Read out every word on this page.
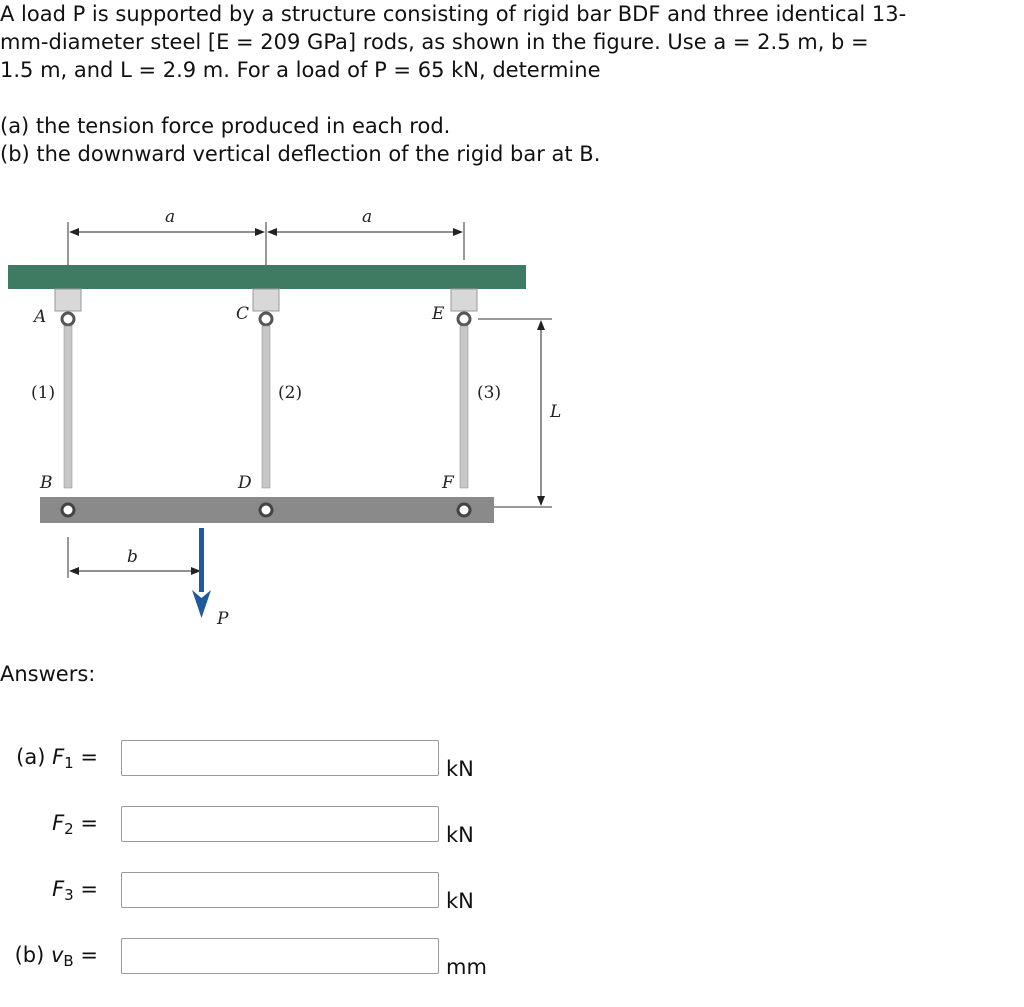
A load P is supported by a structure consisting of rigid bar BDF and three identical 13-

mm-diameter steel [E = 209 GPa] rods, as shown in the figure. Use a = 2.5 m, b =

1.5 m, and L = 2.9 m. For a load of P = 65 kN, determine

(a) the tension force produced in each rod.

(b) the downward vertical deflection of the rigid bar at B.

a	a
L
b
P
A	C	E
B	D	F
(1)	(2)	(3)
Answers:
(a) $F_1$ =	kN
$F_2$ =	kN
$F_3$ =	kN
(b) $v_B$ =	mm
